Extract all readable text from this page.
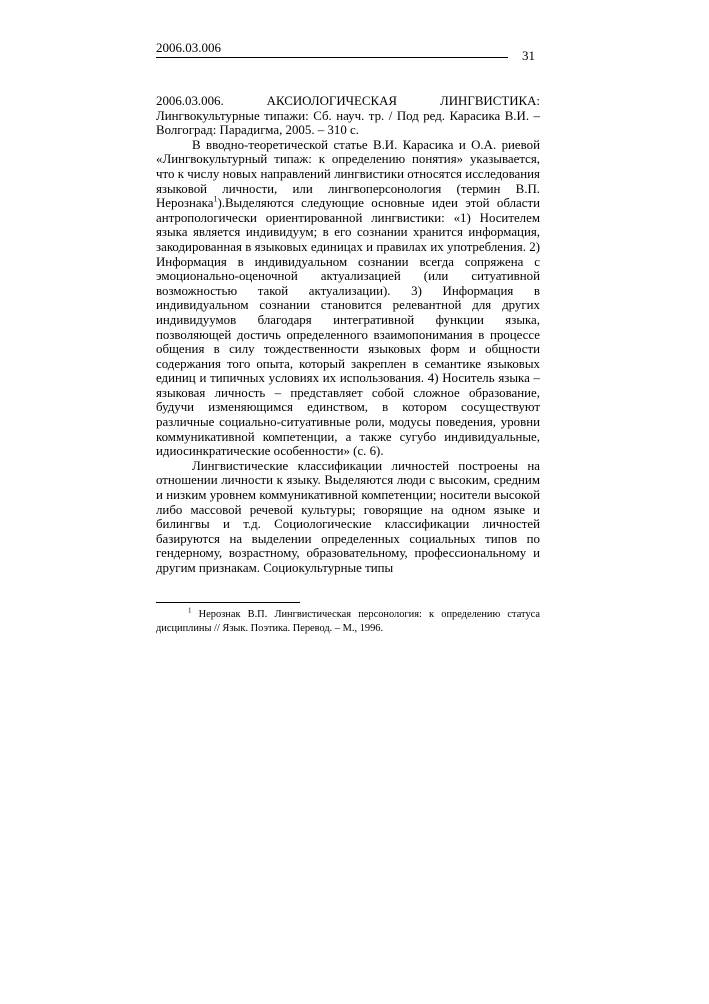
2006.03.006
31

2006.03.006.            АКСИОЛОГИЧЕСКАЯ            ЛИНГВИСТИКА:

Лингвокультурные типажи: Сб. науч. тр. / Под ред. Карасика В.И. – Волгоград: Парадигма, 2005. – 310 с.

В вводно-теоретической статье В.И. Карасика и О.А. риевой «Лингвокультурный типаж: к определению понятия» указывается, что к числу новых направлений лингвистики относятся исследования языковой личности, или лингвоперсонология (термин В.П. Нерознака$^1$).Выделяются следующие основные идеи этой области антропологически ориентированной лингвистики: «1) Носителем языка является индивидуум; в его сознании хранится информация, закодированная в языковых единицах и правилах их употребления. 2) Информация в индивидуальном сознании всегда сопряжена с эмоционально-оценочной актуализацией (или ситуативной возможностью такой актуализации). 3) Информация в индивидуальном сознании становится релевантной для других индивидуумов благодаря интегративной функции языка, позволяющей достичь определенного взаимопонимания в процессе общения в силу тождественности языковых форм и общности содержания того опыта, который закреплен в семантике языковых единиц и типичных условиях их использования. 4) Носитель языка – языковая личность – представляет собой сложное образование, будучи изменяющимся единством, в котором сосуществуют различные социально-ситуативные роли, модусы поведения, уровни коммуникативной компетенции, а также сугубо индивидуальные, идиосинкратические особенности» (с. 6).

Лингвистические классификации личностей построены на отношении личности к языку. Выделяются люди с высоким, средним и низким уровнем коммуникативной компетенции; носители высокой либо массовой речевой культуры; говорящие на одном языке и билингвы и т.д. Социологические классификации личностей базируются на выделении определенных социальных типов по гендерному, возрастному, образовательному, профессиональному и другим признакам. Социокультурные типы

$^1$ Нерознак В.П. Лингвистическая персонология: к определению статуса дисциплины // Язык. Поэтика. Перевод. – М., 1996.
